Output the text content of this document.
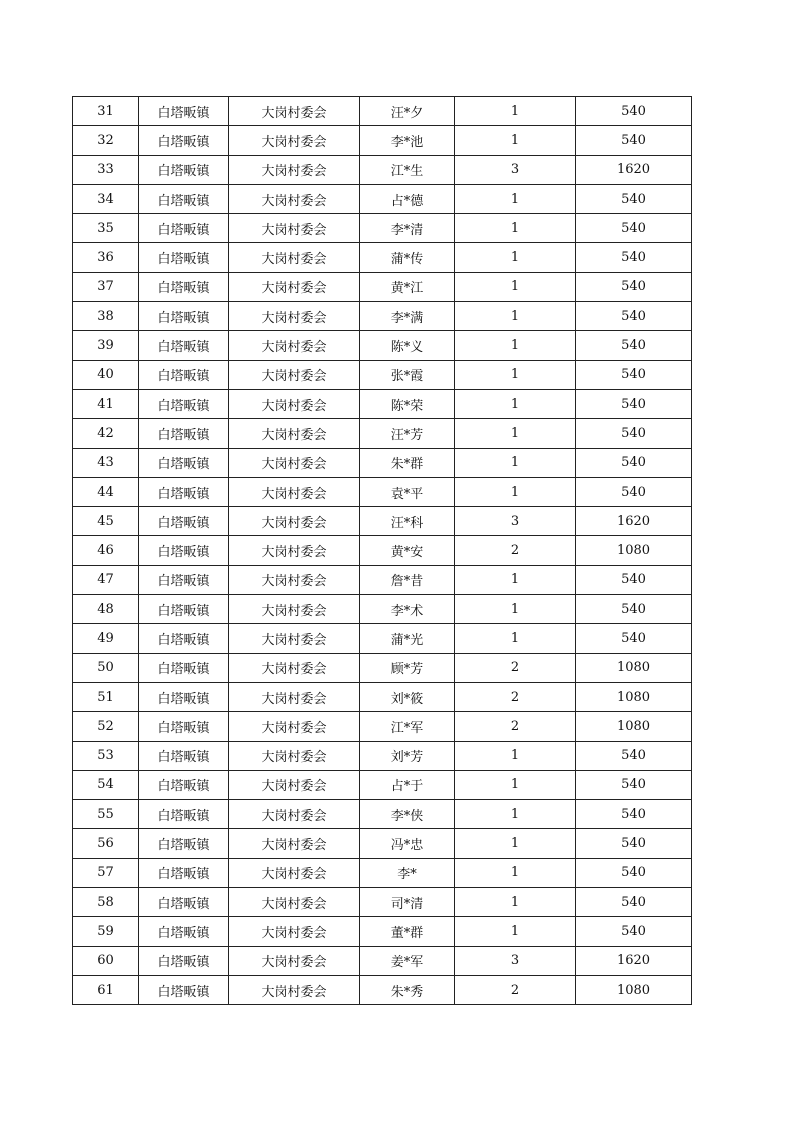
31	白塔畈镇	大岗村委会	汪*夕	1	540
32	白塔畈镇	大岗村委会	李*池	1	540
33	白塔畈镇	大岗村委会	江*生	3	1620
34	白塔畈镇	大岗村委会	占*德	1	540
35	白塔畈镇	大岗村委会	李*清	1	540
36	白塔畈镇	大岗村委会	蒲*传	1	540
37	白塔畈镇	大岗村委会	黄*江	1	540
38	白塔畈镇	大岗村委会	李*满	1	540
39	白塔畈镇	大岗村委会	陈*义	1	540
40	白塔畈镇	大岗村委会	张*霞	1	540
41	白塔畈镇	大岗村委会	陈*荣	1	540
42	白塔畈镇	大岗村委会	汪*芳	1	540
43	白塔畈镇	大岗村委会	朱*群	1	540
44	白塔畈镇	大岗村委会	袁*平	1	540
45	白塔畈镇	大岗村委会	汪*科	3	1620
46	白塔畈镇	大岗村委会	黄*安	2	1080
47	白塔畈镇	大岗村委会	詹*昔	1	540
48	白塔畈镇	大岗村委会	李*术	1	540
49	白塔畈镇	大岗村委会	蒲*光	1	540
50	白塔畈镇	大岗村委会	顾*芳	2	1080
51	白塔畈镇	大岗村委会	刘*筱	2	1080
52	白塔畈镇	大岗村委会	江*军	2	1080
53	白塔畈镇	大岗村委会	刘*芳	1	540
54	白塔畈镇	大岗村委会	占*于	1	540
55	白塔畈镇	大岗村委会	李*侠	1	540
56	白塔畈镇	大岗村委会	冯*忠	1	540
57	白塔畈镇	大岗村委会	李*	1	540
58	白塔畈镇	大岗村委会	司*清	1	540
59	白塔畈镇	大岗村委会	董*群	1	540
60	白塔畈镇	大岗村委会	姜*军	3	1620
61	白塔畈镇	大岗村委会	朱*秀	2	1080
